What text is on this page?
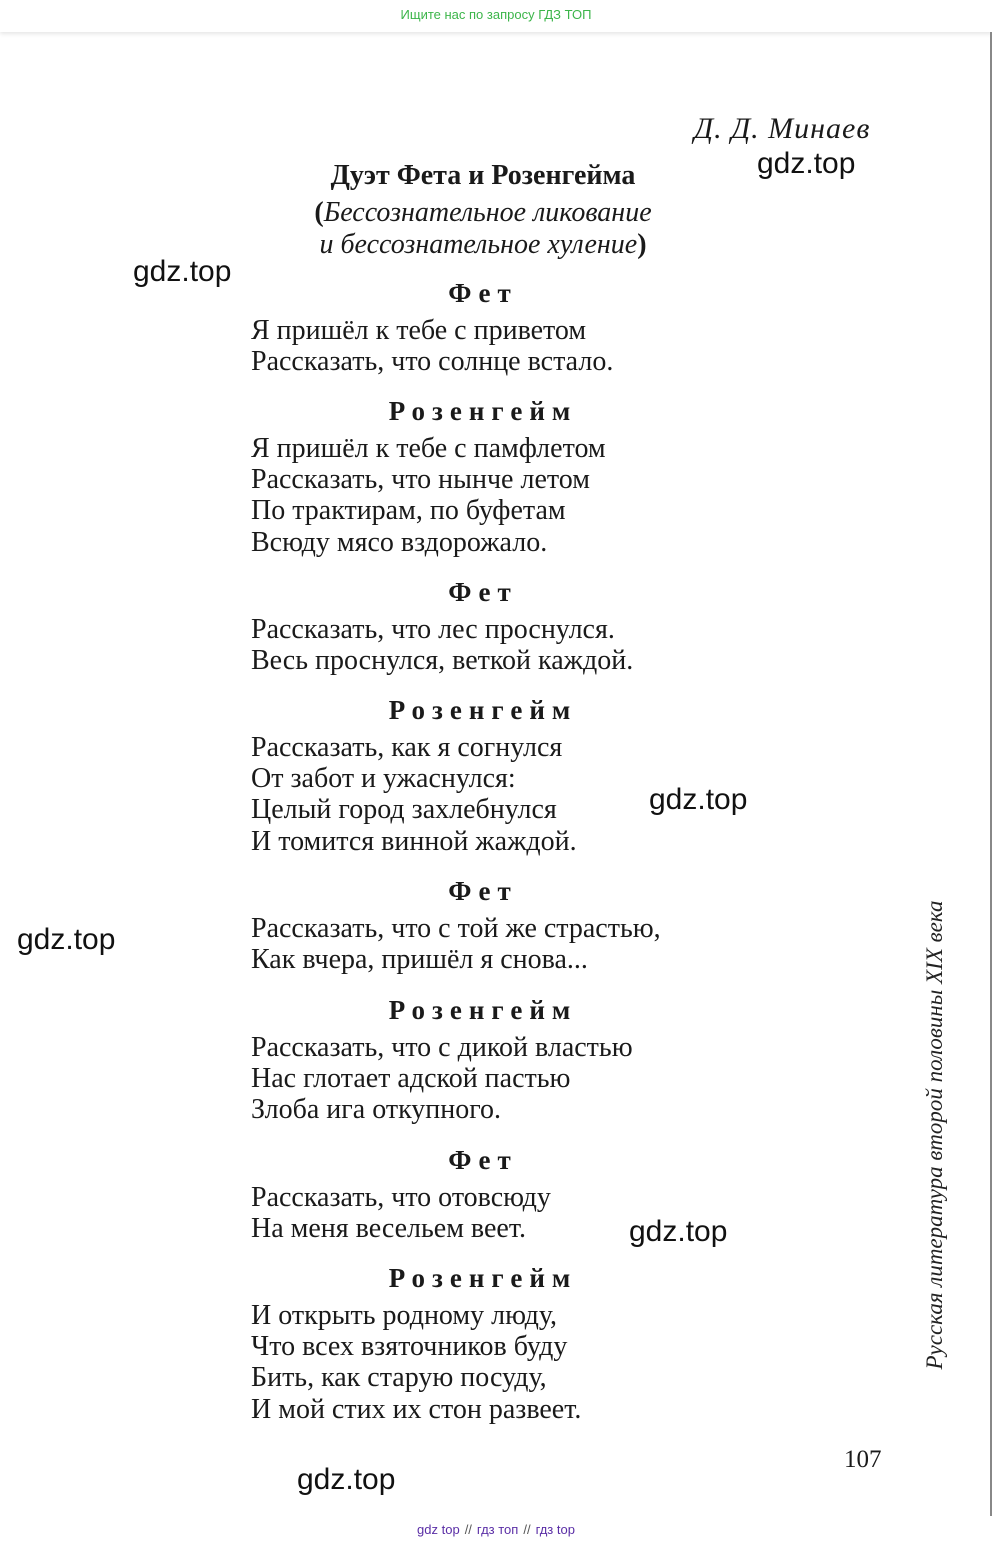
Ищите нас по запросу ГДЗ ТОП
Д. Д. Минаев
Дуэт Фета и Розенгейма
(Бессознательное ликование
и бессознательное хуление)
Фет
Я пришёл к тебе с приветом
Рассказать, что солнце встало.
Розенгейм
Я пришёл к тебе с памфлетом
Рассказать, что нынче летом
По трактирам, по буфетам
Всюду мясо вздорожало.
Фет
Рассказать, что лес проснулся.
Весь проснулся, веткой каждой.
Розенгейм
Рассказать, как я согнулся
От забот и ужаснулся:
Целый город захлебнулся
И томится винной жаждой.
Фет
Рассказать, что с той же страстью,
Как вчера, пришёл я снова...
Розенгейм
Рассказать, что с дикой властью
Нас глотает адской пастью
Злоба ига откупного.
Фет
Рассказать, что отовсюду
На меня весельем веет.
Розенгейм
И открыть родному люду,
Что всех взяточников буду
Бить, как старую посуду,
И мой стих их стон развеет.
gdz.top
gdz.top
gdz.top
gdz.top
gdz.top
gdz.top
Русская литература второй половины XIX века
107
gdz top // гдз топ // гдз top
